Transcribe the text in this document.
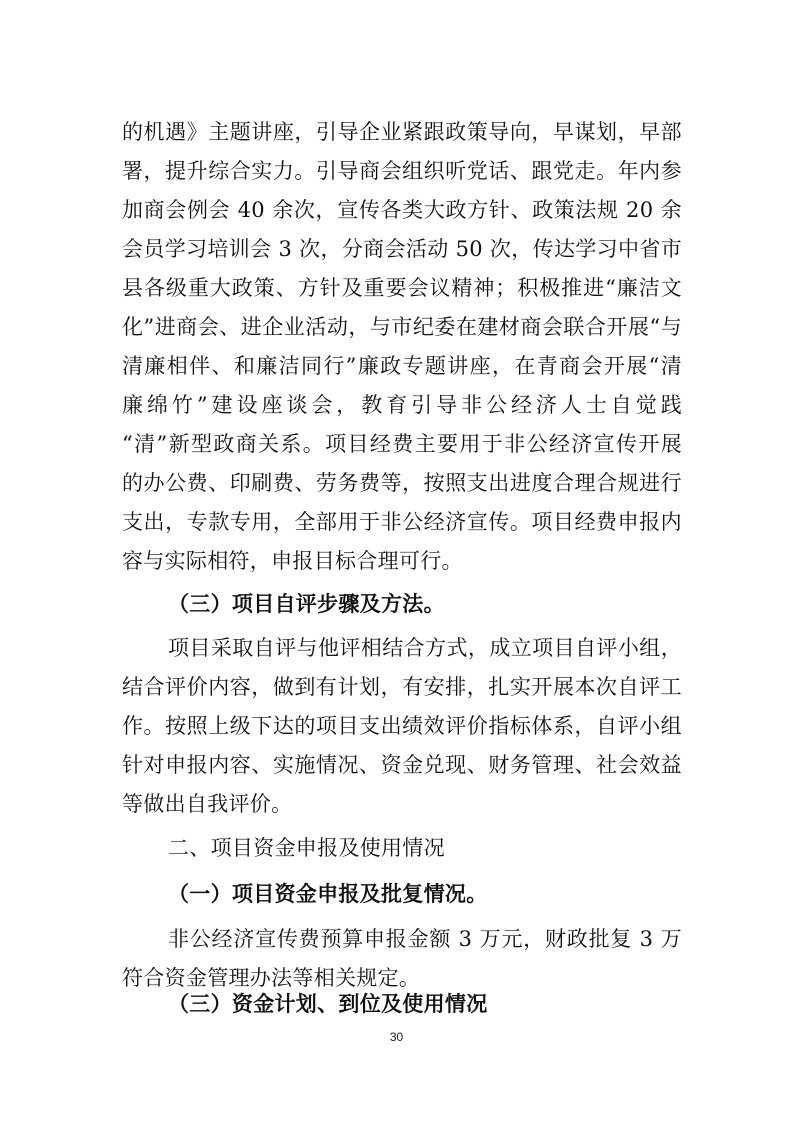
的机遇》主题讲座，引导企业紧跟政策导向，早谋划，早部
署，提升综合实力。引导商会组织听党话、跟党走。年内参
加商会例会 40 余次，宣传各类大政方针、政策法规 20 余
会员学习培训会 3 次，分商会活动 50 次，传达学习中省市
县各级重大政策、方针及重要会议精神；积极推进“廉洁文
化”进商会、进企业活动，与市纪委在建材商会联合开展“与
清廉相伴、和廉洁同行”廉政专题讲座，在青商会开展“清
廉绵竹”建设座谈会，教育引导非公经济人士自觉践
“清”新型政商关系。项目经费主要用于非公经济宣传开展
的办公费、印刷费、劳务费等，按照支出进度合理合规进行
支出，专款专用，全部用于非公经济宣传。项目经费申报内
容与实际相符，申报目标合理可行。
（三）项目自评步骤及方法。
项目采取自评与他评相结合方式，成立项目自评小组，
结合评价内容，做到有计划，有安排，扎实开展本次自评工
作。按照上级下达的项目支出绩效评价指标体系，自评小组
针对申报内容、实施情况、资金兑现、财务管理、社会效益
等做出自我评价。
二、项目资金申报及使用情况
（一）项目资金申报及批复情况。
30
非公经济宣传费预算申报金额 3 万元，财政批复 3 万
符合资金管理办法等相关规定。
（三）资金计划、到位及使用情况
